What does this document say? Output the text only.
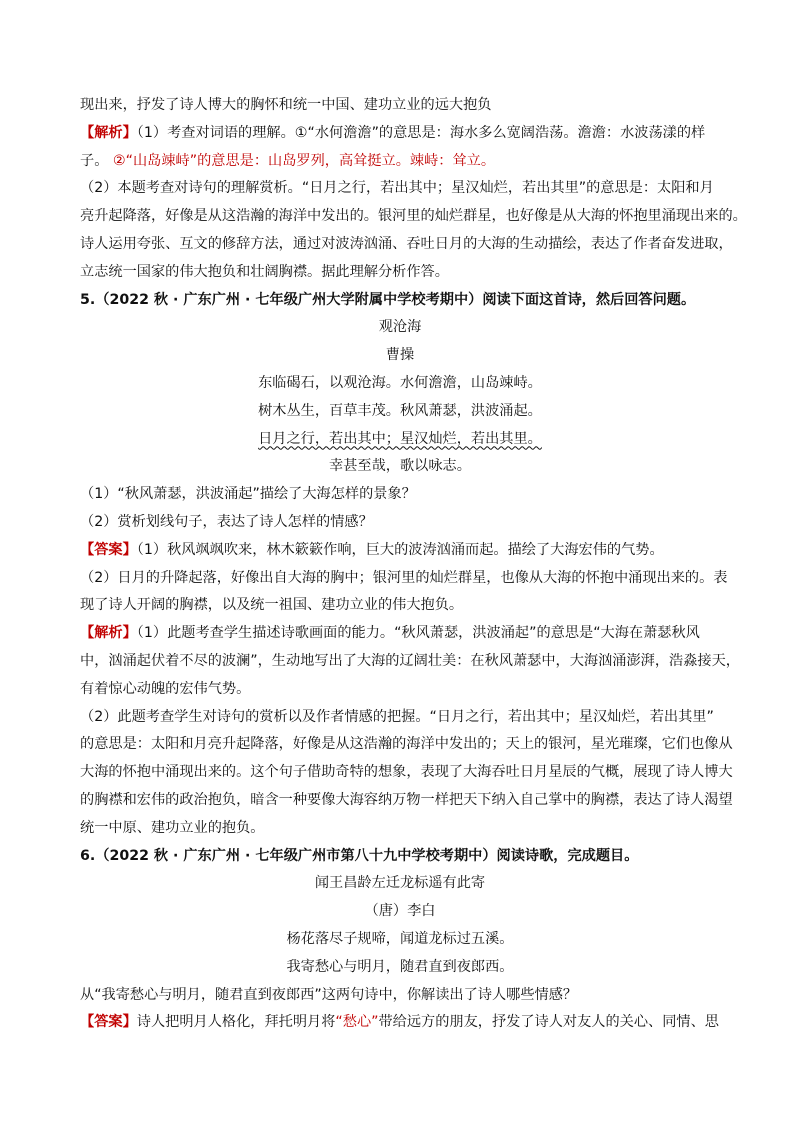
现出来，抒发了诗人博大的胸怀和统一中国、建功立业的远大抱负
【解析】（1）考查对词语的理解。①“水何澹澹”的意思是：海水多么宽阔浩荡。澹澹：水波荡漾的样
子。 ②“山岛竦峙”的意思是：山岛罗列，高耸挺立。竦峙：耸立。
（2）本题考查对诗句的理解赏析。“日月之行，若出其中；星汉灿烂，若出其里”的意思是：太阳和月
亮升起降落，好像是从这浩瀚的海洋中发出的。银河里的灿烂群星，也好像是从大海的怀抱里涌现出来的。
诗人运用夸张、互文的修辞方法，通过对波涛汹涌、吞吐日月的大海的生动描绘，表达了作者奋发进取，
立志统一国家的伟大抱负和壮阔胸襟。据此理解分析作答。
5.（2022 秋 · 广东广州 · 七年级广州大学附属中学校考期中）阅读下面这首诗，然后回答问题。
观沧海
曹操
东临碣石，以观沧海。水何澹澹，山岛竦峙。
树木丛生，百草丰茂。秋风萧瑟，洪波涌起。
日月之行，若出其中；星汉灿烂，若出其里。
幸甚至哉，歌以咏志。
（1）“秋风萧瑟，洪波涌起”描绘了大海怎样的景象？
（2）赏析划线句子，表达了诗人怎样的情感？
【答案】（1）秋风飒飒吹来，林木簌簌作响，巨大的波涛汹涌而起。描绘了大海宏伟的气势。
（2）日月的升降起落，好像出自大海的胸中；银河里的灿烂群星，也像从大海的怀抱中涌现出来的。表
现了诗人开阔的胸襟，以及统一祖国、建功立业的伟大抱负。
【解析】（1）此题考查学生描述诗歌画面的能力。“秋风萧瑟，洪波涌起”的意思是“大海在萧瑟秋风
中，汹涌起伏着不尽的波澜”，生动地写出了大海的辽阔壮美：在秋风萧瑟中，大海汹涌澎湃，浩淼接天，
有着惊心动魄的宏伟气势。
（2）此题考查学生对诗句的赏析以及作者情感的把握。“日月之行，若出其中；星汉灿烂，若出其里”
的意思是：太阳和月亮升起降落，好像是从这浩瀚的海洋中发出的；天上的银河，星光璀璨，它们也像从
大海的怀抱中涌现出来的。这个句子借助奇特的想象，表现了大海吞吐日月星辰的气概，展现了诗人博大
的胸襟和宏伟的政治抱负，暗含一种要像大海容纳万物一样把天下纳入自己掌中的胸襟，表达了诗人渴望
统一中原、建功立业的抱负。
6.（2022 秋 · 广东广州 · 七年级广州市第八十九中学校考期中）阅读诗歌，完成题目。
闻王昌龄左迁龙标遥有此寄
（唐）李白
杨花落尽子规啼，闻道龙标过五溪。
我寄愁心与明月，随君直到夜郎西。
从“我寄愁心与明月，随君直到夜郎西”这两句诗中，你解读出了诗人哪些情感？
【答案】诗人把明月人格化，拜托明月将“愁心”带给远方的朋友，抒发了诗人对友人的关心、同情、思
